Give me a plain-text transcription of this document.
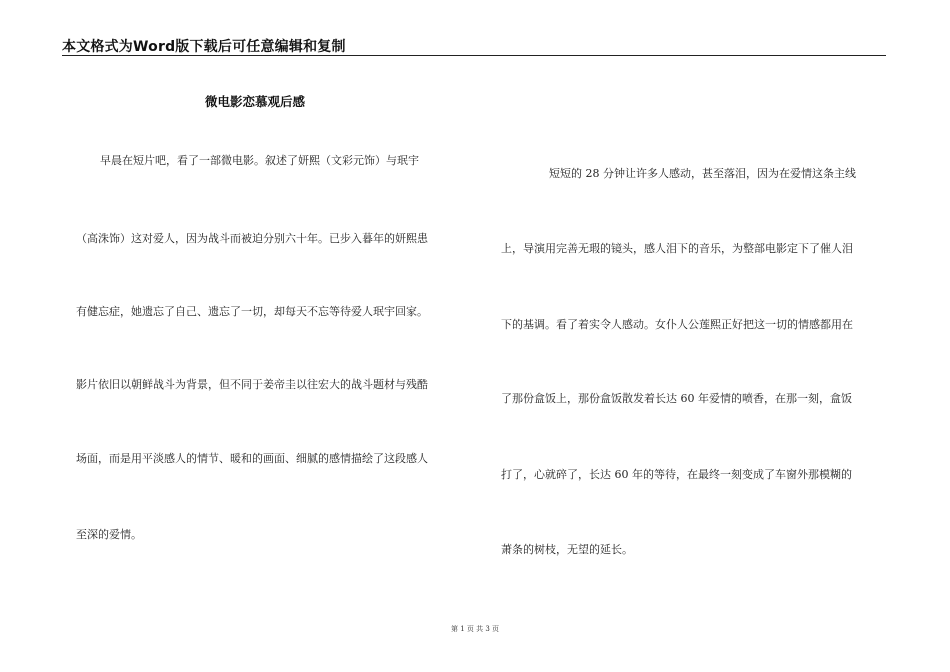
本文格式为Word版下载后可任意编辑和复制
微电影恋慕观后感
早晨在短片吧，看了一部微电影。叙述了妍熙（文彩元饰）与珉宇
（高洙饰）这对爱人，因为战斗而被迫分别六十年。已步入暮年的妍熙患
有健忘症，她遗忘了自己、遗忘了一切，却每天不忘等待爱人珉宇回家。
影片依旧以朝鲜战斗为背景，但不同于姜帝圭以往宏大的战斗题材与残酷
场面，而是用平淡感人的情节、暖和的画面、细腻的感情描绘了这段感人
至深的爱情。
短短的 28 分钟让许多人感动，甚至落泪，因为在爱情这条主线
上，导演用完善无瑕的镜头，感人泪下的音乐，为整部电影定下了催人泪
下的基调。看了着实令人感动。女仆人公莲熙正好把这一切的情感都用在
了那份盒饭上，那份盒饭散发着长达 60 年爱情的喷香，在那一刻，盒饭
打了，心就碎了，长达 60 年的等待，在最终一刻变成了车窗外那模糊的
萧条的树枝，无望的延长。
第 1 页 共 3 页
